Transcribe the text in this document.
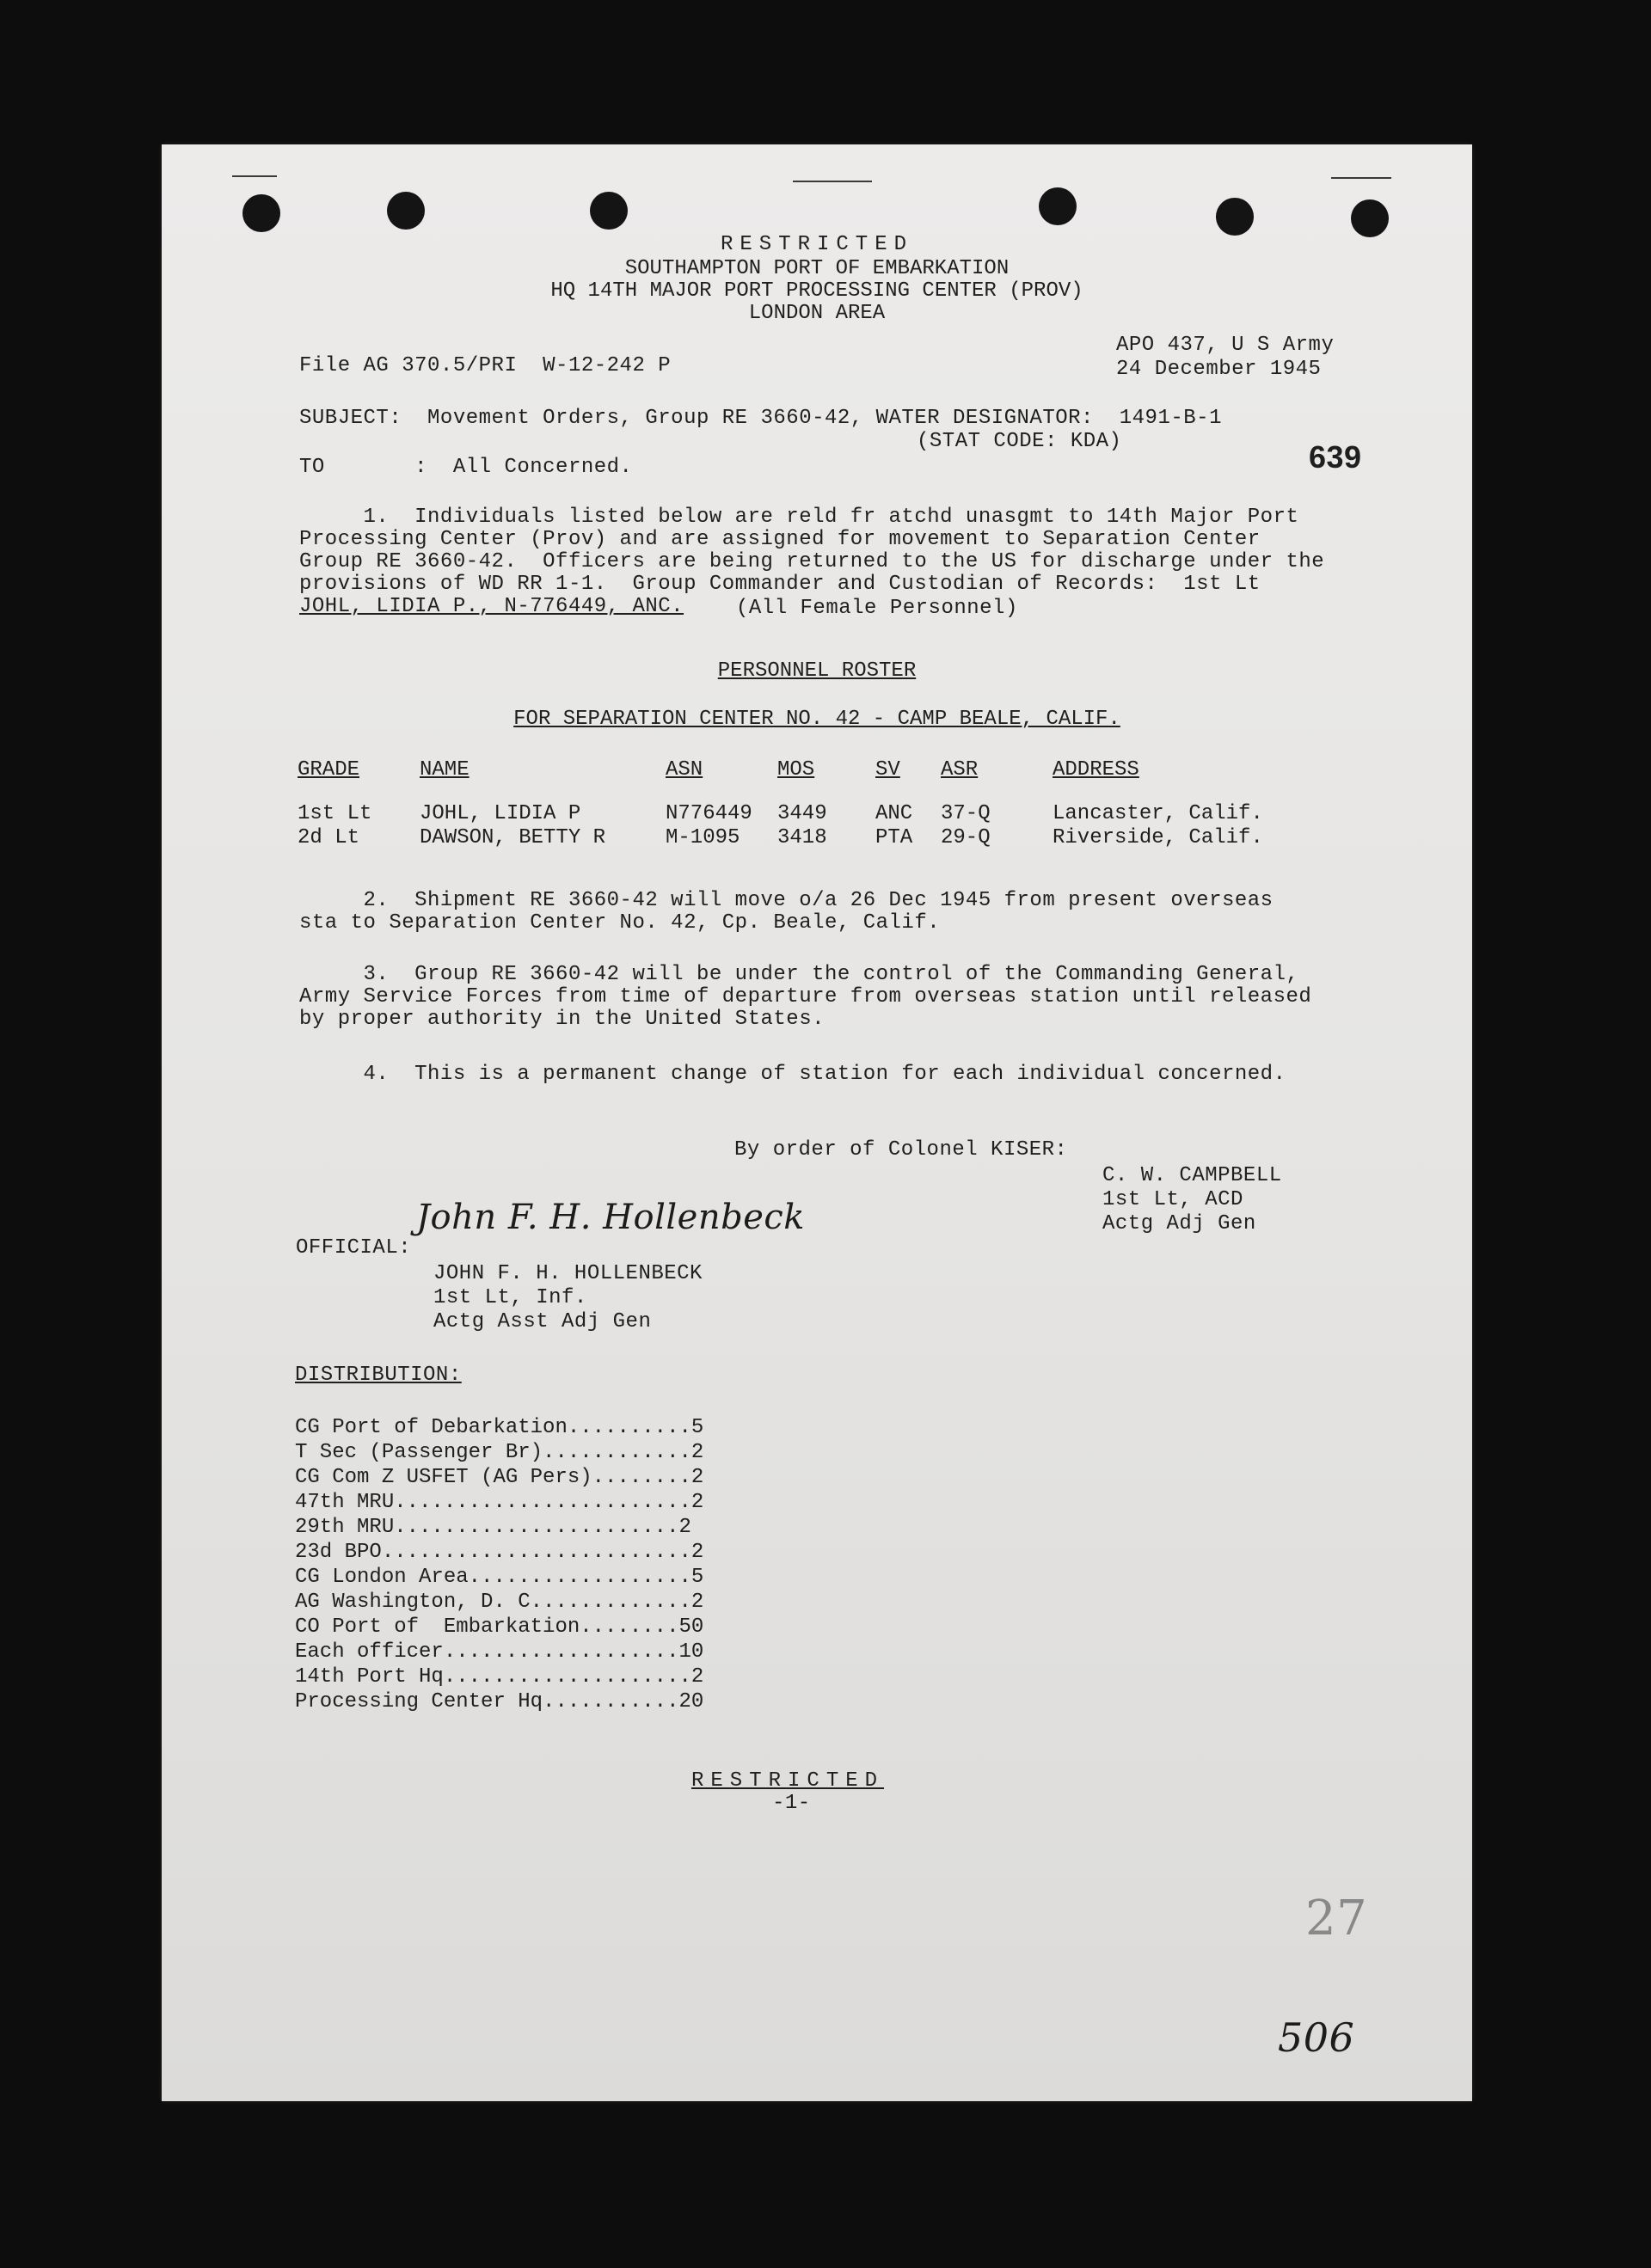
RESTRICTED
SOUTHAMPTON PORT OF EMBARKATION
HQ 14TH MAJOR PORT PROCESSING CENTER (PROV)
LONDON AREA
File AG 370.5/PRI  W-12-242 P
APO 437, U S Army
24 December 1945
SUBJECT:  Movement Orders, Group RE 3660-42, WATER DESIGNATOR:  1491-B-1
(STAT CODE: KDA)
TO       :  All Concerned.	639
1.  Individuals listed below are reld fr atchd unasgmt to 14th Major Port
Processing Center (Prov) and are assigned for movement to Separation Center
Group RE 3660-42.  Officers are being returned to the US for discharge under the
provisions of WD RR 1-1.  Group Commander and Custodian of Records:  1st Lt
JOHL, LIDIA P., N-776449, ANC.	(All Female Personnel)
PERSONNEL ROSTER
FOR SEPARATION CENTER NO. 42 - CAMP BEALE, CALIF.
GRADE	NAME	ASN	MOS	SV	ASR	ADDRESS
1st Lt	JOHL, LIDIA P	N776449	3449	ANC	37-Q	Lancaster, Calif.
2d Lt	DAWSON, BETTY R	M-1095	3418	PTA	29-Q	Riverside, Calif.
2.  Shipment RE 3660-42 will move o/a 26 Dec 1945 from present overseas
sta to Separation Center No. 42, Cp. Beale, Calif.
3.  Group RE 3660-42 will be under the control of the Commanding General,
Army Service Forces from time of departure from overseas station until released
by proper authority in the United States.
4.  This is a permanent change of station for each individual concerned.
By order of Colonel KISER:
C. W. CAMPBELL
1st Lt, ACD
Actg Adj Gen
OFFICIAL:
John F. H. Hollenbeck
JOHN F. H. HOLLENBECK
1st Lt, Inf.
Actg Asst Adj Gen
DISTRIBUTION:
CG Port of Debarkation..........5
T Sec (Passenger Br)............2
CG Com Z USFET (AG Pers)........2
47th MRU........................2
29th MRU.......................2
23d BPO.........................2
CG London Area..................5
AG Washington, D. C.............2
CO Port of  Embarkation........50
Each officer...................10
14th Port Hq....................2
Processing Center Hq...........20
RESTRICTED
-1-
27
506
